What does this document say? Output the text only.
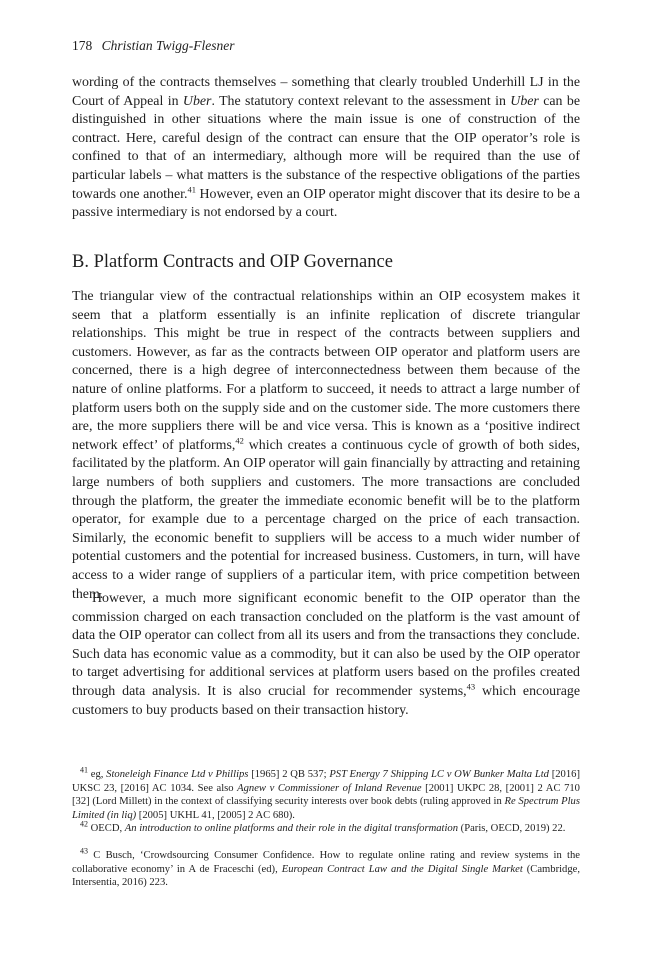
178 Christian Twigg-Flesner

wording of the contracts themselves – something that clearly troubled Underhill LJ in the Court of Appeal in Uber. The statutory context relevant to the assessment in Uber can be distinguished in other situations where the main issue is one of construction of the contract. Here, careful design of the contract can ensure that the OIP operator’s role is confined to that of an intermediary, although more will be required than the use of particular labels – what matters is the substance of the respective obligations of the parties towards one another.$^{41}$ However, even an OIP operator might discover that its desire to be a passive intermediary is not endorsed by a court.

B. Platform Contracts and OIP Governance

The triangular view of the contractual relationships within an OIP ecosystem makes it seem that a platform essentially is an infinite replication of discrete triangular relationships. This might be true in respect of the contracts between suppliers and customers. However, as far as the contracts between OIP operator and platform users are concerned, there is a high degree of interconnectedness between them because of the nature of online platforms. For a platform to succeed, it needs to attract a large number of platform users both on the supply side and on the customer side. The more customers there are, the more suppliers there will be and vice versa. This is known as a ‘positive indirect network effect’ of platforms,$^{42}$ which creates a continuous cycle of growth of both sides, facilitated by the platform. An OIP operator will gain financially by attracting and retaining large numbers of both suppliers and customers. The more transactions are concluded through the platform, the greater the immediate economic benefit will be to the platform operator, for example due to a percentage charged on the price of each transaction. Similarly, the economic benefit to suppliers will be access to a much wider number of potential customers and the potential for increased business. Customers, in turn, will have access to a wider range of suppliers of a particular item, with price competition between them.

However, a much more significant economic benefit to the OIP operator than the commission charged on each transaction concluded on the platform is the vast amount of data the OIP operator can collect from all its users and from the transactions they conclude. Such data has economic value as a commodity, but it can also be used by the OIP operator to target advertising for additional services at platform users based on the profiles created through data analysis. It is also crucial for recommender systems,$^{43}$ which encourage customers to buy products based on their transaction history.

$^{41}$ eg, Stoneleigh Finance Ltd v Phillips [1965] 2 QB 537; PST Energy 7 Shipping LC v OW Bunker Malta Ltd [2016] UKSC 23, [2016] AC 1034. See also Agnew v Commissioner of Inland Revenue [2001] UKPC 28, [2001] 2 AC 710 [32] (Lord Millett) in the context of classifying security interests over book debts (ruling approved in Re Spectrum Plus Limited (in liq) [2005] UKHL 41, [2005] 2 AC 680).

$^{42}$ OECD, An introduction to online platforms and their role in the digital transformation (Paris, OECD, 2019) 22.

$^{43}$ C Busch, ‘Crowdsourcing Consumer Confidence. How to regulate online rating and review systems in the collaborative economy’ in A de Fraceschi (ed), European Contract Law and the Digital Single Market (Cambridge, Intersentia, 2016) 223.
